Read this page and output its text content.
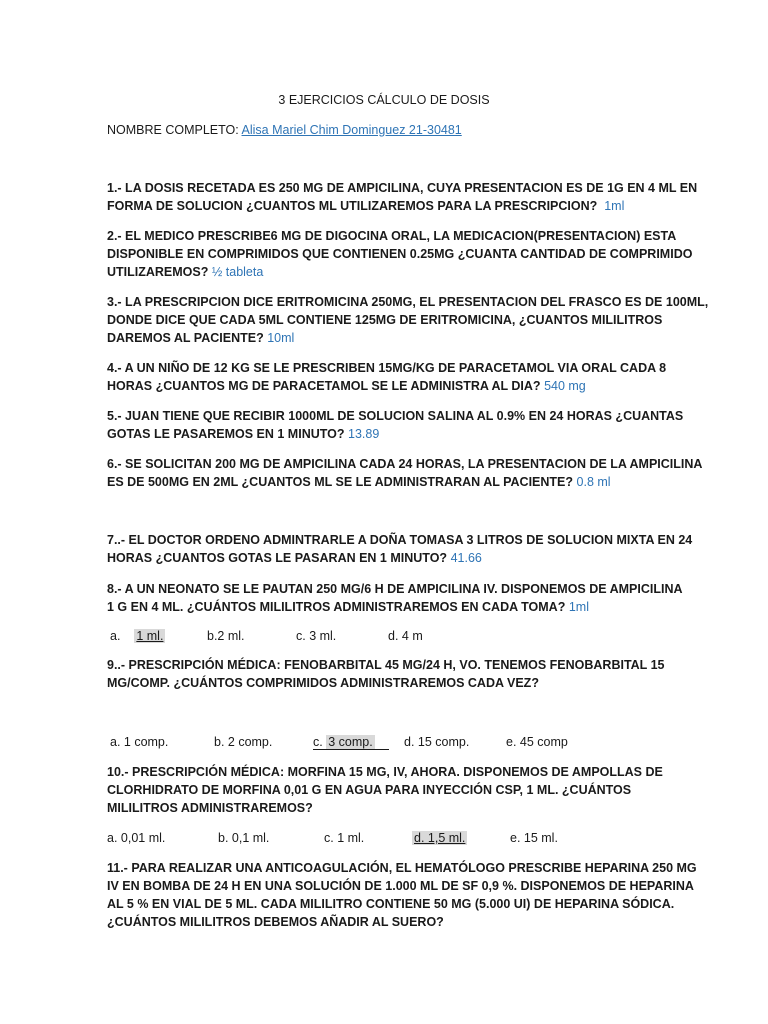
3 EJERCICIOS CÁLCULO DE DOSIS
NOMBRE COMPLETO: Alisa Mariel Chim Dominguez 21-30481
1.- LA DOSIS RECETADA ES 250 MG DE AMPICILINA, CUYA PRESENTACION ES DE 1G EN 4 ML EN
FORMA DE SOLUCION ¿CUANTOS ML UTILIZAREMOS PARA LA PRESCRIPCION? 1ml
2.- EL MEDICO PRESCRIBE6 MG DE DIGOCINA ORAL, LA MEDICACION(PRESENTACION) ESTA
DISPONIBLE EN COMPRIMIDOS QUE CONTIENEN 0.25MG ¿CUANTA CANTIDAD DE COMPRIMIDO
UTILIZAREMOS? ½ tableta
3.- LA PRESCRIPCION DICE ERITROMICINA 250MG, EL PRESENTACION DEL FRASCO ES DE 100ML,
DONDE DICE QUE CADA 5ML CONTIENE 125MG DE ERITROMICINA, ¿CUANTOS MILILITROS
DAREMOS AL PACIENTE? 10ml
4.- A UN NIÑO DE 12 KG SE LE PRESCRIBEN 15MG/KG DE PARACETAMOL VIA ORAL CADA 8
HORAS ¿CUANTOS MG DE PARACETAMOL SE LE ADMINISTRA AL DIA? 540 mg
5.- JUAN TIENE QUE RECIBIR 1000ML DE SOLUCION SALINA AL 0.9% EN 24 HORAS ¿CUANTAS
GOTAS LE PASAREMOS EN 1 MINUTO? 13.89
6.- SE SOLICITAN 200 MG DE AMPICILINA CADA 24 HORAS, LA PRESENTACION DE LA AMPICILINA
ES DE 500MG EN 2ML ¿CUANTOS ML SE LE ADMINISTRARAN AL PACIENTE? 0.8 ml
7..- EL DOCTOR ORDENO ADMINTRARLE A DOÑA TOMASA 3 LITROS DE SOLUCION MIXTA EN 24
HORAS ¿CUANTOS GOTAS LE PASARAN EN 1 MINUTO? 41.66
8.- A UN NEONATO SE LE PAUTAN 250 MG/6 H DE AMPICILINA IV. DISPONEMOS DE AMPICILINA
1 G EN 4 ML. ¿CUÁNTOS MILILITROS ADMINISTRAREMOS EN CADA TOMA? 1ml
a. 1 ml.	b.2 ml.	c. 3 ml.	d. 4 m
9..- PRESCRIPCIÓN MÉDICA: FENOBARBITAL 45 MG/24 H, VO. TENEMOS FENOBARBITAL 15
MG/COMP. ¿CUÁNTOS COMPRIMIDOS ADMINISTRAREMOS CADA VEZ?
a. 1 comp.	b. 2 comp.	c. 3 comp.	d. 15 comp.	e. 45 comp
10.- PRESCRIPCIÓN MÉDICA: MORFINA 15 MG, IV, AHORA. DISPONEMOS DE AMPOLLAS DE
CLORHIDRATO DE MORFINA 0,01 G EN AGUA PARA INYECCIÓN CSP, 1 ML. ¿CUÁNTOS
MILILITROS ADMINISTRAREMOS?
a. 0,01 ml.	b. 0,1 ml.	c. 1 ml.	d. 1,5 ml.	e. 15 ml.
11.- PARA REALIZAR UNA ANTICOAGULACIÓN, EL HEMATÓLOGO PRESCRIBE HEPARINA 250 MG
IV EN BOMBA DE 24 H EN UNA SOLUCIÓN DE 1.000 ML DE SF 0,9 %. DISPONEMOS DE HEPARINA
AL 5 % EN VIAL DE 5 ML. CADA MILILITRO CONTIENE 50 MG (5.000 UI) DE HEPARINA SÓDICA.
¿CUÁNTOS MILILITROS DEBEMOS AÑADIR AL SUERO?
